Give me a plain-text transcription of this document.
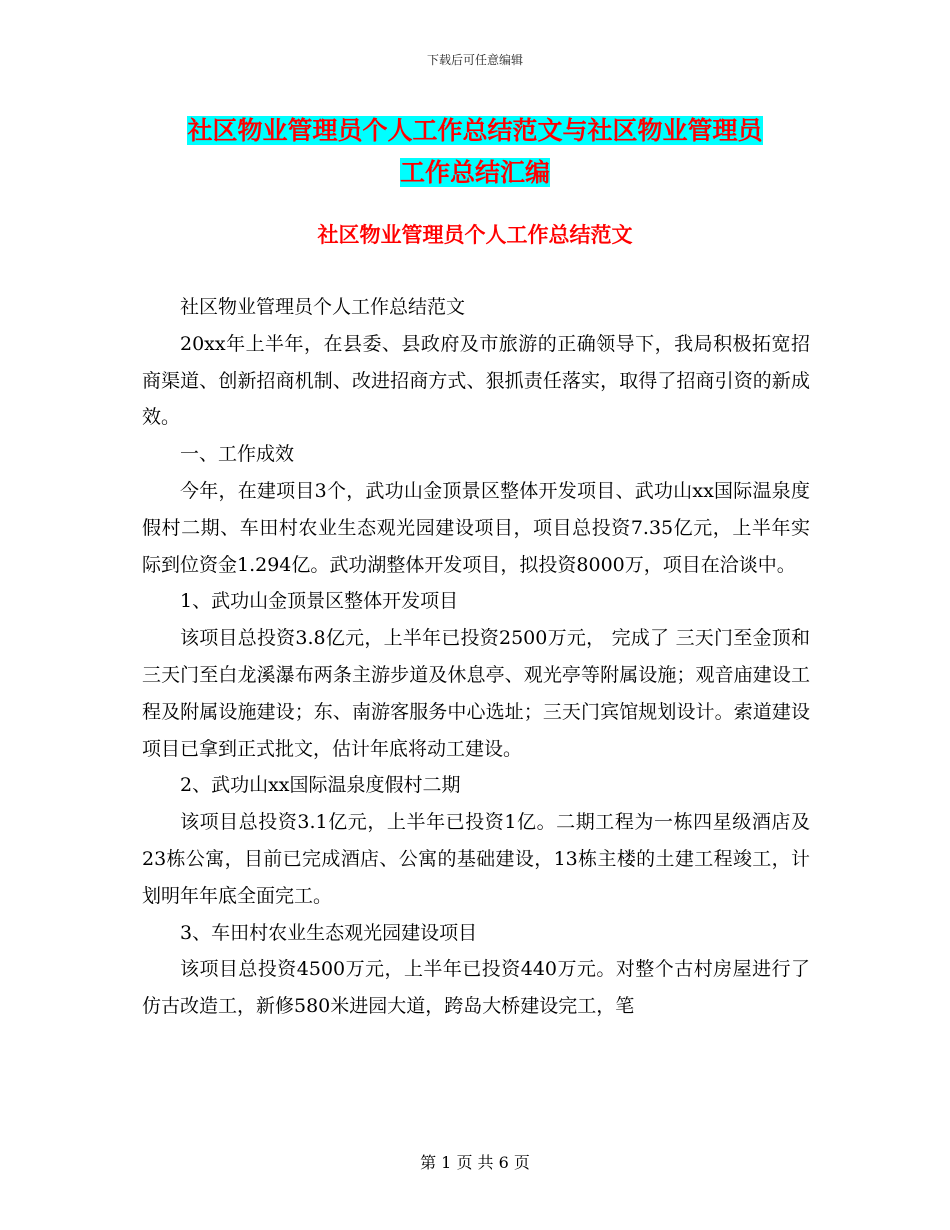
下载后可任意编辑
社区物业管理员个人工作总结范文与社区物业管理员
工作总结汇编
社区物业管理员个人工作总结范文

社区物业管理员个人工作总结范文

20xx年上半年，在县委、县政府及市旅游的正确领导下，我局积极拓宽招商渠道、创新招商机制、改进招商方式、狠抓责任落实，取得了招商引资的新成效。

一、工作成效

今年，在建项目3个，武功山金顶景区整体开发项目、武功山xx国际温泉度假村二期、车田村农业生态观光园建设项目，项目总投资7.35亿元，上半年实际到位资金1.294亿。武功湖整体开发项目，拟投资8000万，项目在洽谈中。

1、武功山金顶景区整体开发项目

该项目总投资3.8亿元，上半年已投资2500万元， 完成了 三天门至金顶和三天门至白龙溪瀑布两条主游步道及休息亭、观光亭等附属设施；观音庙建设工程及附属设施建设；东、南游客服务中心选址；三天门宾馆规划设计。索道建设项目已拿到正式批文，估计年底将动工建设。

2、武功山xx国际温泉度假村二期

该项目总投资3.1亿元，上半年已投资1亿。二期工程为一栋四星级酒店及23栋公寓，目前已完成酒店、公寓的基础建设，13栋主楼的土建工程竣工，计划明年年底全面完工。

3、车田村农业生态观光园建设项目

该项目总投资4500万元，上半年已投资440万元。对整个古村房屋进行了仿古改造工，新修580米进园大道，跨岛大桥建设完工，笔

第 1 页 共 6 页
